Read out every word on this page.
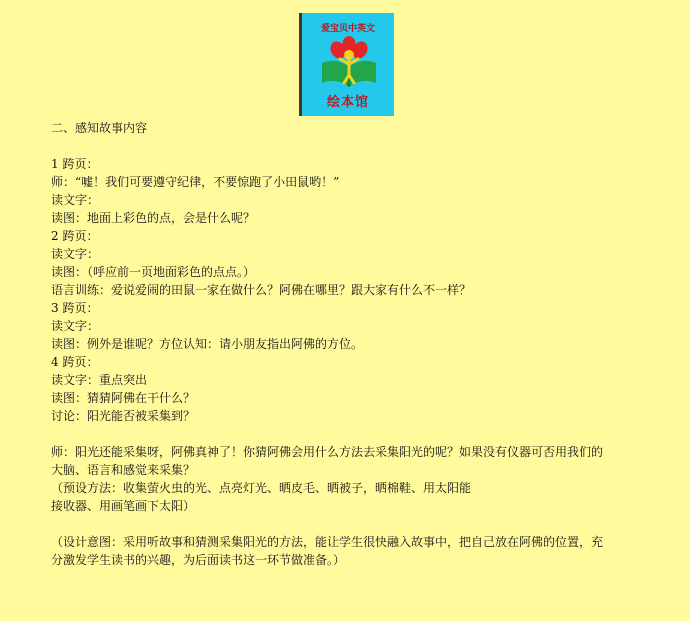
爱宝贝中英文
绘本馆
二、感知故事内容
1 跨页：
师：“嘘！我们可要遵守纪律，不要惊跑了小田鼠哟！”
读文字：
读图：地面上彩色的点，会是什么呢？
2 跨页：
读文字：
读图：（呼应前一页地面彩色的点点。）
语言训练：爱说爱闹的田鼠一家在做什么？阿佛在哪里？跟大家有什么不一样？
3 跨页：
读文字：
读图：例外是谁呢？方位认知：请小朋友指出阿佛的方位。
4 跨页：
读文字：重点突出
读图：猜猜阿佛在干什么？
讨论：阳光能否被采集到？
师：阳光还能采集呀，阿佛真神了！你猜阿佛会用什么方法去采集阳光的呢？如果没有仪器可否用我们的
大脑、语言和感觉来采集？
（预设方法：收集萤火虫的光、点亮灯光、晒皮毛、晒被子，晒棉鞋、用太阳能
接收器、用画笔画下太阳）
（设计意图：采用听故事和猜测采集阳光的方法，能让学生很快融入故事中，把自己放在阿佛的位置，充
分激发学生读书的兴趣，为后面读书这一环节做准备。）
